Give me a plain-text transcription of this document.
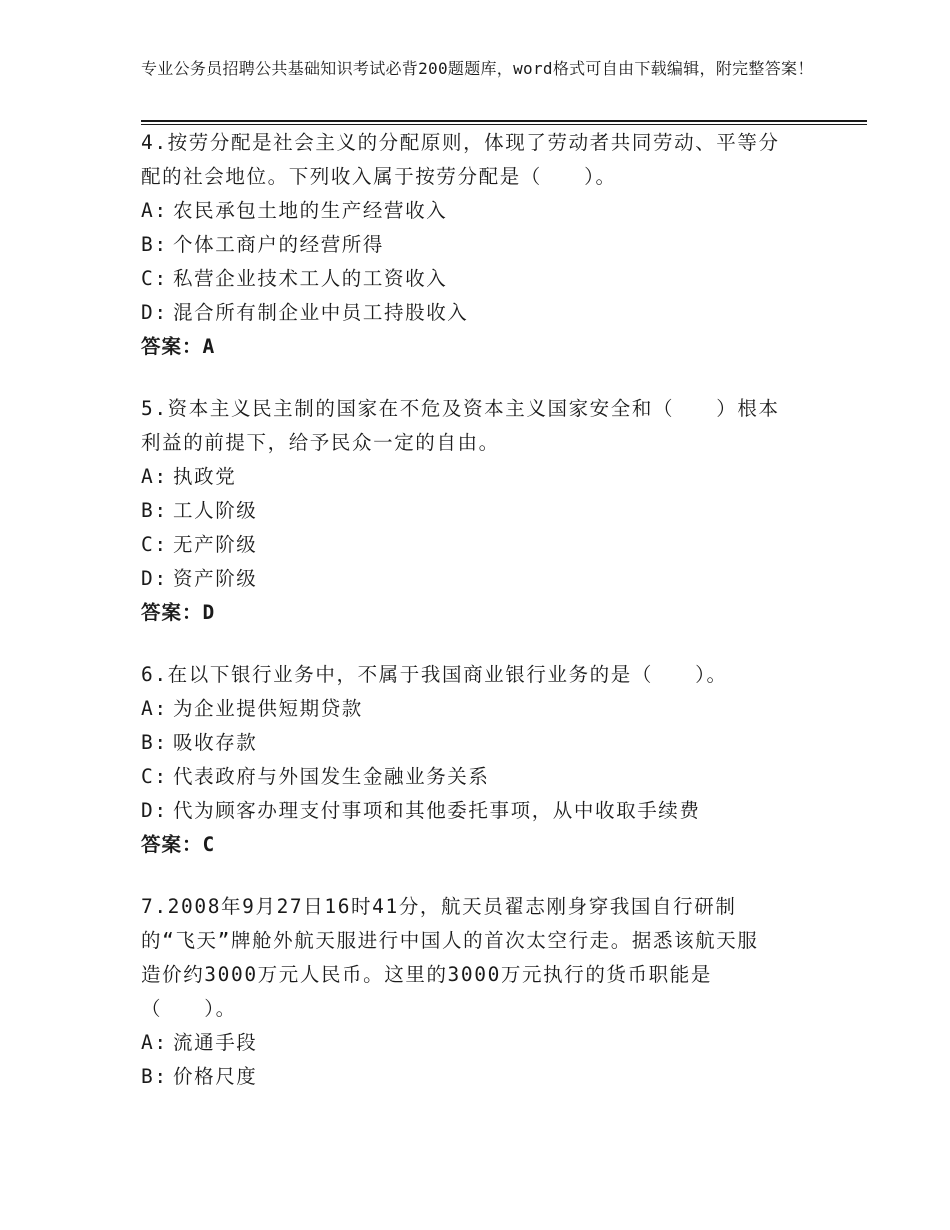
专业公务员招聘公共基础知识考试必背200题题库，word格式可自由下载编辑，附完整答案！
4.按劳分配是社会主义的分配原则，体现了劳动者共同劳动、平等分
配的社会地位。下列收入属于按劳分配是（　　）。
A: 农民承包土地的生产经营收入
B: 个体工商户的经营所得
C: 私营企业技术工人的工资收入
D: 混合所有制企业中员工持股收入
答案：A
5.资本主义民主制的国家在不危及资本主义国家安全和（　　）根本
利益的前提下，给予民众一定的自由。
A: 执政党
B: 工人阶级
C: 无产阶级
D: 资产阶级
答案：D
6.在以下银行业务中，不属于我国商业银行业务的是（　　）。
A: 为企业提供短期贷款
B: 吸收存款
C: 代表政府与外国发生金融业务关系
D: 代为顾客办理支付事项和其他委托事项，从中收取手续费
答案：C
7.2008年9月27日16时41分，航天员翟志刚身穿我国自行研制
的“飞天”牌舱外航天服进行中国人的首次太空行走。据悉该航天服
造价约3000万元人民币。这里的3000万元执行的货币职能是
（　　）。
A: 流通手段
B: 价格尺度
